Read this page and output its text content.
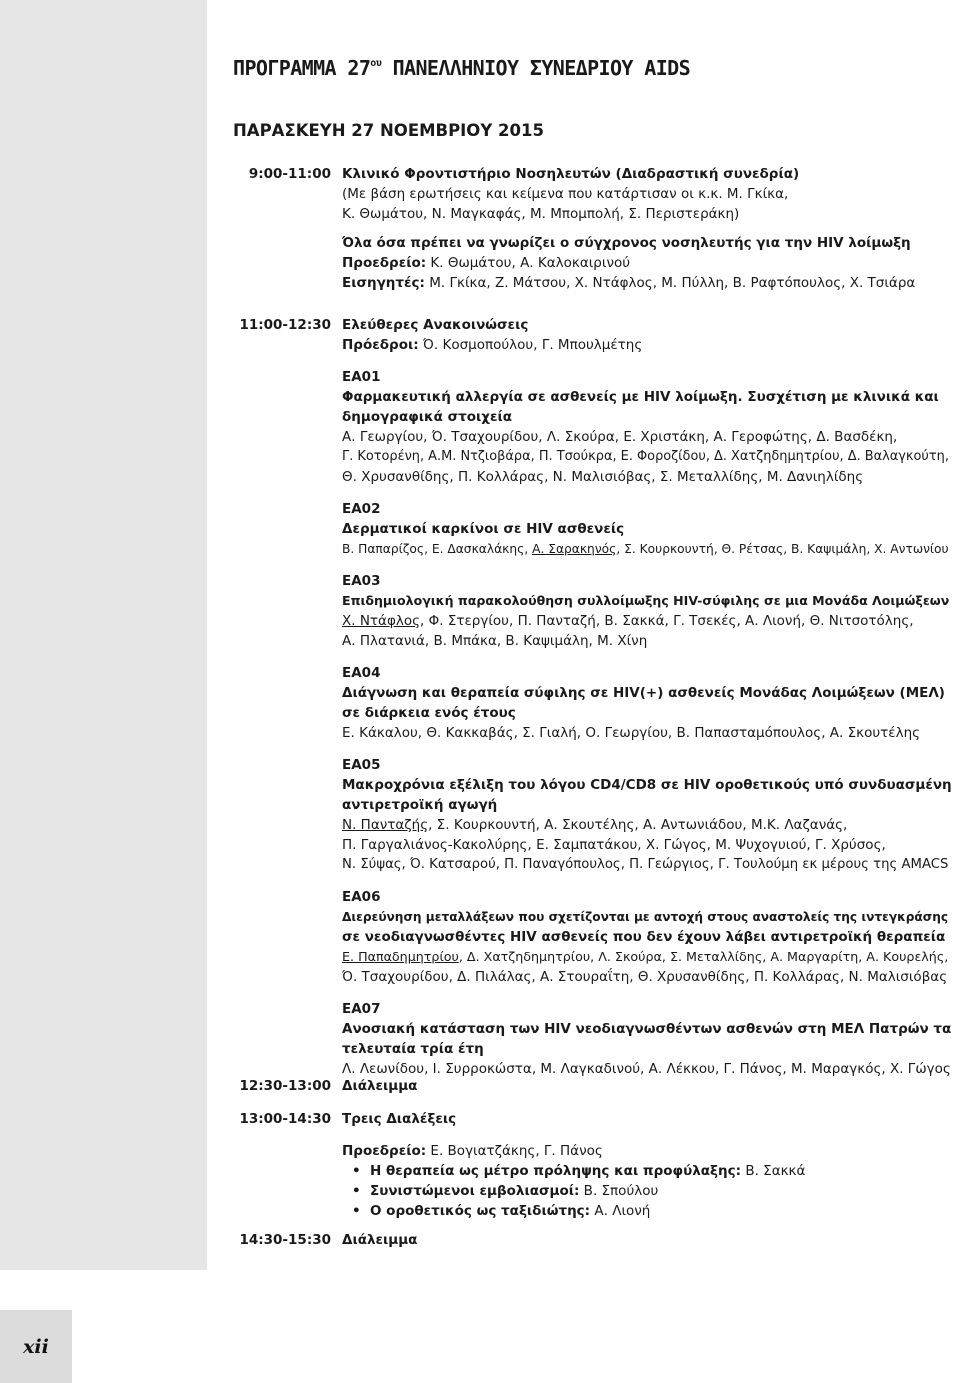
xii
ΠΡΟΓΡΑΜΜΑ $27^{o\upsilon}$ ΠΑΝΕΛΛΗΝΙΟΥ ΣΥΝΕΔΡΙΟΥ AIDS
ΠΑΡΑΣΚΕΥΗ 27 ΝΟΕΜΒΡΙΟΥ 2015
9:00-11:00 Κλινικό Φροντιστήριο Νοσηλευτών (Διαδραστική συνεδρία)

(Με βάση ερωτήσεις και κείμενα που κατάρτισαν οι κ.κ. Μ. Γκίκα,

Κ. Θωμάτου, Ν. Μαγκαφάς, Μ. Μπομπολή, Σ. Περιστεράκη)

Όλα όσα πρέπει να γνωρίζει ο σύγχρονος νοσηλευτής για την HIV λοίμωξη

Προεδρείο: Κ. Θωμάτου, Α. Καλοκαιρινού

Εισηγητές: Μ. Γκίκα, Ζ. Μάτσου, Χ. Ντάφλος, Μ. Πύλλη, Β. Ραφτόπουλος, Χ. Τσιάρα

11:00-12:30 Ελεύθερες Ανακοινώσεις

Πρόεδροι: Ό. Κοσμοπούλου, Γ. Μπουλμέτης

ΕΑ01

Φαρμακευτική αλλεργία σε ασθενείς με HIV λοίμωξη. Συσχέτιση με κλινικά και

δημογραφικά στοιχεία

Α. Γεωργίου, Ό. Τσαχουρίδου, Λ. Σκούρα, Ε. Χριστάκη, Α. Γεροφώτης, Δ. Βασδέκη,

Γ. Κοτορένη, Α.Μ. Ντζιοβάρα, Π. Τσούκρα, Ε. Φοροζίδου, Δ. Χατζηδημητρίου, Δ. Βαλαγκούτη,

Θ. Χρυσανθίδης, Π. Κολλάρας, Ν. Μαλισιόβας, Σ. Μεταλλίδης, Μ. Δανιηλίδης

ΕΑ02

Δερματικοί καρκίνοι σε HIV ασθενείς

Β. Παπαρίζος, Ε. Δασκαλάκης, Α. Σαρακηνός, Σ. Κουρκουντή, Θ. Ρέτσας, Β. Καψιμάλη, Χ. Αντωνίου

ΕΑ03

Επιδημιολογική παρακολούθηση συλλοίμωξης HIV-σύφιλης σε μια Μονάδα Λοιμώξεων

Χ. Ντάφλος, Φ. Στεργίου, Π. Πανταζή, Β. Σακκά, Γ. Τσεκές, Α. Λιονή, Θ. Νιτσοτόλης,

Α. Πλατανιά, Β. Μπάκα, Β. Καψιμάλη, Μ. Χίνη

ΕΑ04

Διάγνωση και θεραπεία σύφιλης σε HIV(+) ασθενείς Μονάδας Λοιμώξεων (ΜΕΛ)

σε διάρκεια ενός έτους

Ε. Κάκαλου, Θ. Κακκαβάς, Σ. Γιαλή, Ο. Γεωργίου, Β. Παπασταμόπουλος, Α. Σκουτέλης

ΕΑ05

Μακροχρόνια εξέλιξη του λόγου CD4/CD8 σε HIV οροθετικούς υπό συνδυασμένη

αντιρετροϊκή αγωγή

Ν. Πανταζής, Σ. Κουρκουντή, Α. Σκουτέλης, Α. Αντωνιάδου, Μ.Κ. Λαζανάς,

Π. Γαργαλιάνος-Κακολύρης, Ε. Σαμπατάκου, Χ. Γώγος, Μ. Ψυχογυιού, Γ. Χρύσος,

Ν. Σύψας, Ό. Κατσαρού, Π. Παναγόπουλος, Π. Γεώργιος, Γ. Τουλούμη εκ μέρους της AMACS

ΕΑ06

Διερεύνηση μεταλλάξεων που σχετίζονται με αντοχή στους αναστολείς της ιντεγκράσης

σε νεοδιαγνωσθέντες HIV ασθενείς που δεν έχουν λάβει αντιρετροϊκή θεραπεία

Ε. Παπαδημητρίου, Δ. Χατζηδημητρίου, Λ. Σκούρα, Σ. Μεταλλίδης, Α. Μαργαρίτη, Α. Κουρελής,

Ό. Τσαχουρίδου, Δ. Πιλάλας, Α. Στουραΐτη, Θ. Χρυσανθίδης, Π. Κολλάρας, Ν. Μαλισιόβας

ΕΑ07

Ανοσιακή κατάσταση των HIV νεοδιαγνωσθέντων ασθενών στη ΜΕΛ Πατρών τα

τελευταία τρία έτη

Λ. Λεωνίδου, Ι. Συρροκώστα, Μ. Λαγκαδινού, Α. Λέκκου, Γ. Πάνος, Μ. Μαραγκός, Χ. Γώγος

12:30-13:00 Διάλειμμα

13:00-14:30 Τρεις Διαλέξεις

Προεδρείο: Ε. Βογιατζάκης, Γ. Πάνος

• Η θεραπεία ως μέτρο πρόληψης και προφύλαξης: Β. Σακκά
• Συνιστώμενοι εμβολιασμοί: Β. Σπούλου
• Ο οροθετικός ως ταξιδιώτης: Α. Λιονή
14:30-15:30 Διάλειμμα
